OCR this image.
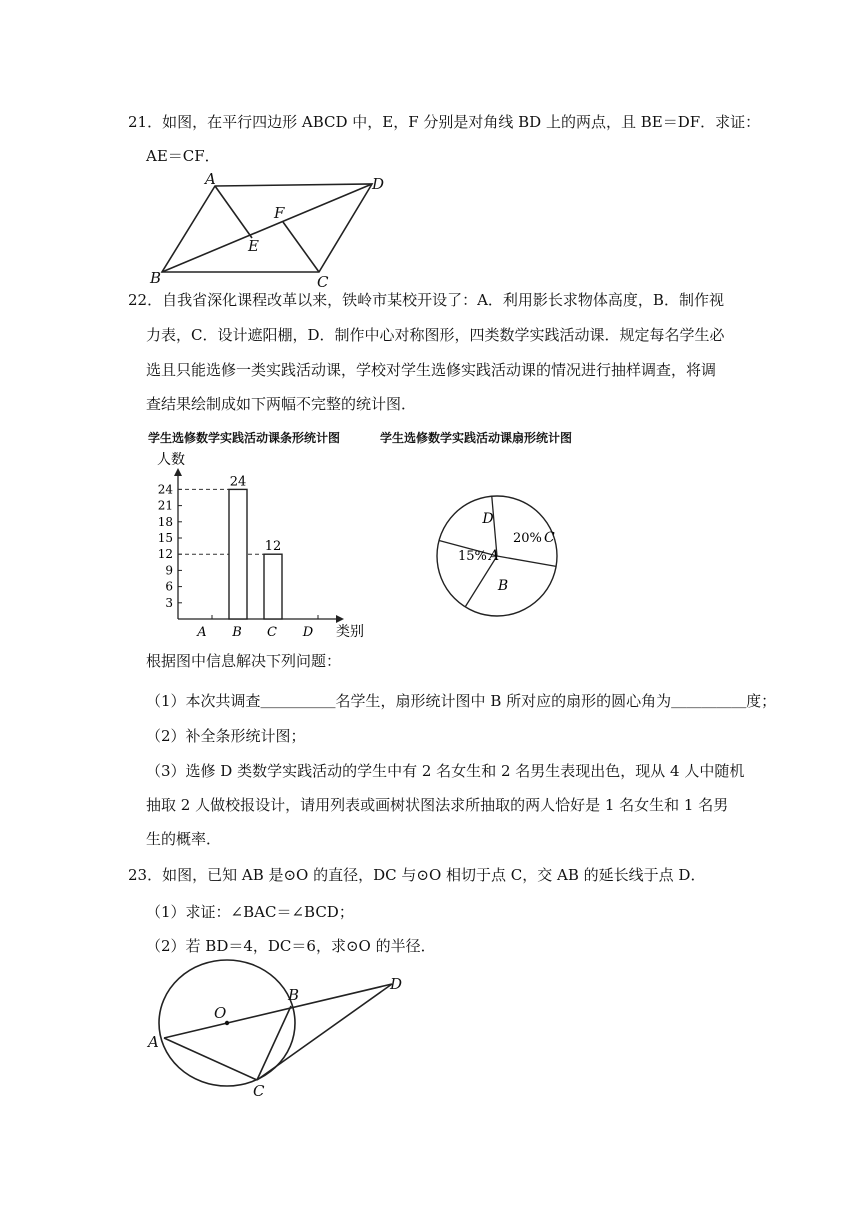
21．如图，在平行四边形 ABCD 中，E，F 分别是对角线 BD 上的两点，且 BE＝DF．求证：
AE＝CF．
A
B	C
D
E
F
22．自我省深化课程改革以来，铁岭市某校开设了：A．利用影长求物体高度，B．制作视
力表，C．设计遮阳棚，D．制作中心对称图形，四类数学实践活动课．规定每名学生必
选且只能选修一类实践活动课，学校对学生选修实践活动课的情况进行抽样调查，将调
查结果绘制成如下两幅不完整的统计图．
学生选修数学实践活动课条形统计图	学生选修数学实践活动课扇形统计图
人数
类别
3
6
9
12
15
18
21
24
A B C D
24
12
15% A
B
20% C
D
根据图中信息解决下列问题：
（1）本次共调查＿＿＿＿＿名学生，扇形统计图中 B 所对应的扇形的圆心角为＿＿＿＿＿度；
（2）补全条形统计图；
（3）选修 D 类数学实践活动的学生中有 2 名女生和 2 名男生表现出色，现从 4 人中随机
抽取 2 人做校报设计，请用列表或画树状图法求所抽取的两人恰好是 1 名女生和 1 名男
生的概率．
23．如图，已知 AB 是⊙O 的直径，DC 与⊙O 相切于点 C，交 AB 的延长线于点 D．
（1）求证：∠BAC＝∠BCD；
（2）若 BD＝4，DC＝6，求⊙O 的半径．
A
B
C
D
O
